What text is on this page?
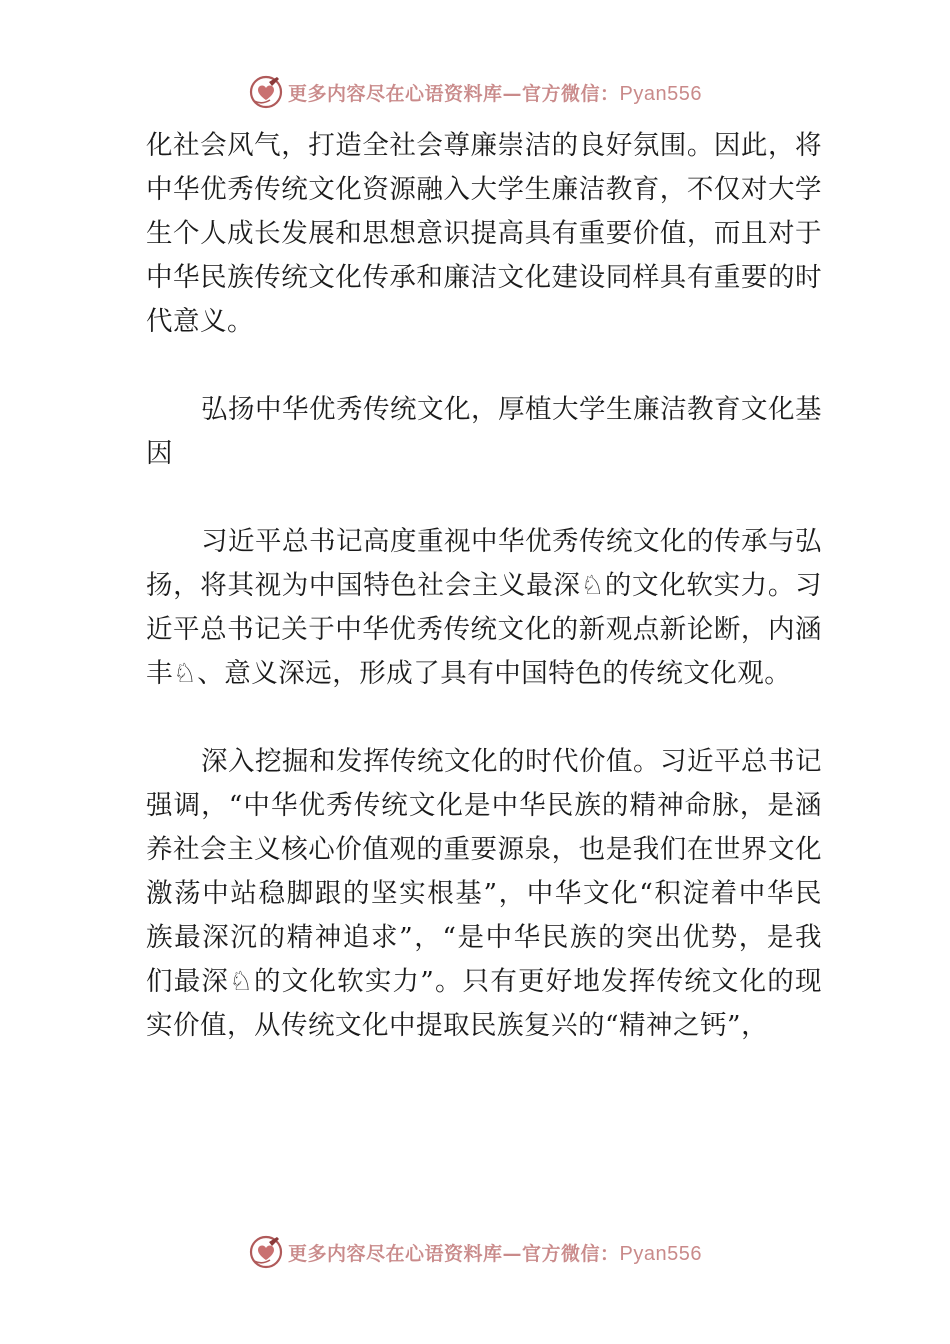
更多内容尽在心语资料库—官方微信：Pyan556

化社会风气，打造全社会尊廉崇洁的良好氛围。因此，将中华优秀传统文化资源融入大学生廉洁教育，不仅对大学生个人成长发展和思想意识提高具有重要价值，而且对于中华民族传统文化传承和廉洁文化建设同样具有重要的时代意义。

弘扬中华优秀传统文化，厚植大学生廉洁教育文化基因

习近平总书记高度重视中华优秀传统文化的传承与弘扬，将其视为中国特色社会主义最深♘的文化软实力。习近平总书记关于中华优秀传统文化的新观点新论断，内涵丰♘、意义深远，形成了具有中国特色的传统文化观。

深入挖掘和发挥传统文化的时代价值。习近平总书记强调，“中华优秀传统文化是中华民族的精神命脉，是涵养社会主义核心价值观的重要源泉，也是我们在世界文化激荡中站稳脚跟的坚实根基”，中华文化“积淀着中华民族最深沉的精神追求”，“是中华民族的突出优势，是我们最深♘的文化软实力”。只有更好地发挥传统文化的现实价值，从传统文化中提取民族复兴的“精神之钙”，

更多内容尽在心语资料库—官方微信：Pyan556
